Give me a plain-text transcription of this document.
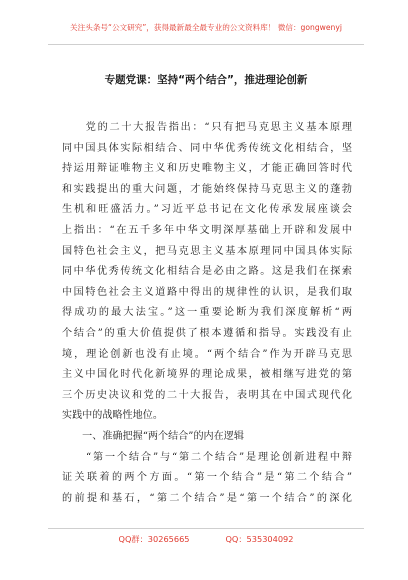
关注头条号“公文研究”，获得最新最全最专业的公文资料库！ 微信：gongwenyj
专题党课：坚持“两个结合”，推进理论创新
　　党的二十大报告指出：“只有把马克思主义基本原理
同中国具体实际相结合、同中华优秀传统文化相结合，坚
持运用辩证唯物主义和历史唯物主义，才能正确回答时代
和实践提出的重大问题，才能始终保持马克思主义的蓬勃
生机和旺盛活力。”习近平总书记在文化传承发展座谈会
上指出：“在五千多年中华文明深厚基础上开辟和发展中
国特色社会主义，把马克思主义基本原理同中国具体实际
同中华优秀传统文化相结合是必由之路。这是我们在探索
中国特色社会主义道路中得出的规律性的认识，是我们取
得成功的最大法宝。”这一重要论断为我们深度解析“两
个结合”的重大价值提供了根本遵循和指导。实践没有止
境，理论创新也没有止境。“两个结合”作为开辟马克思
主义中国化时代化新境界的理论成果，被相继写进党的第
三个历史决议和党的二十大报告，表明其在中国式现代化
实践中的战略性地位。
　　一、准确把握“两个结合”的内在逻辑
　　“第一个结合”与“第二个结合”是理论创新进程中辩
证关联着的两个方面。“第一个结合”是“第二个结合”
的前提和基石，“第二个结合”是“第一个结合”的深化
QQ群：30265665	QQ：535304092
